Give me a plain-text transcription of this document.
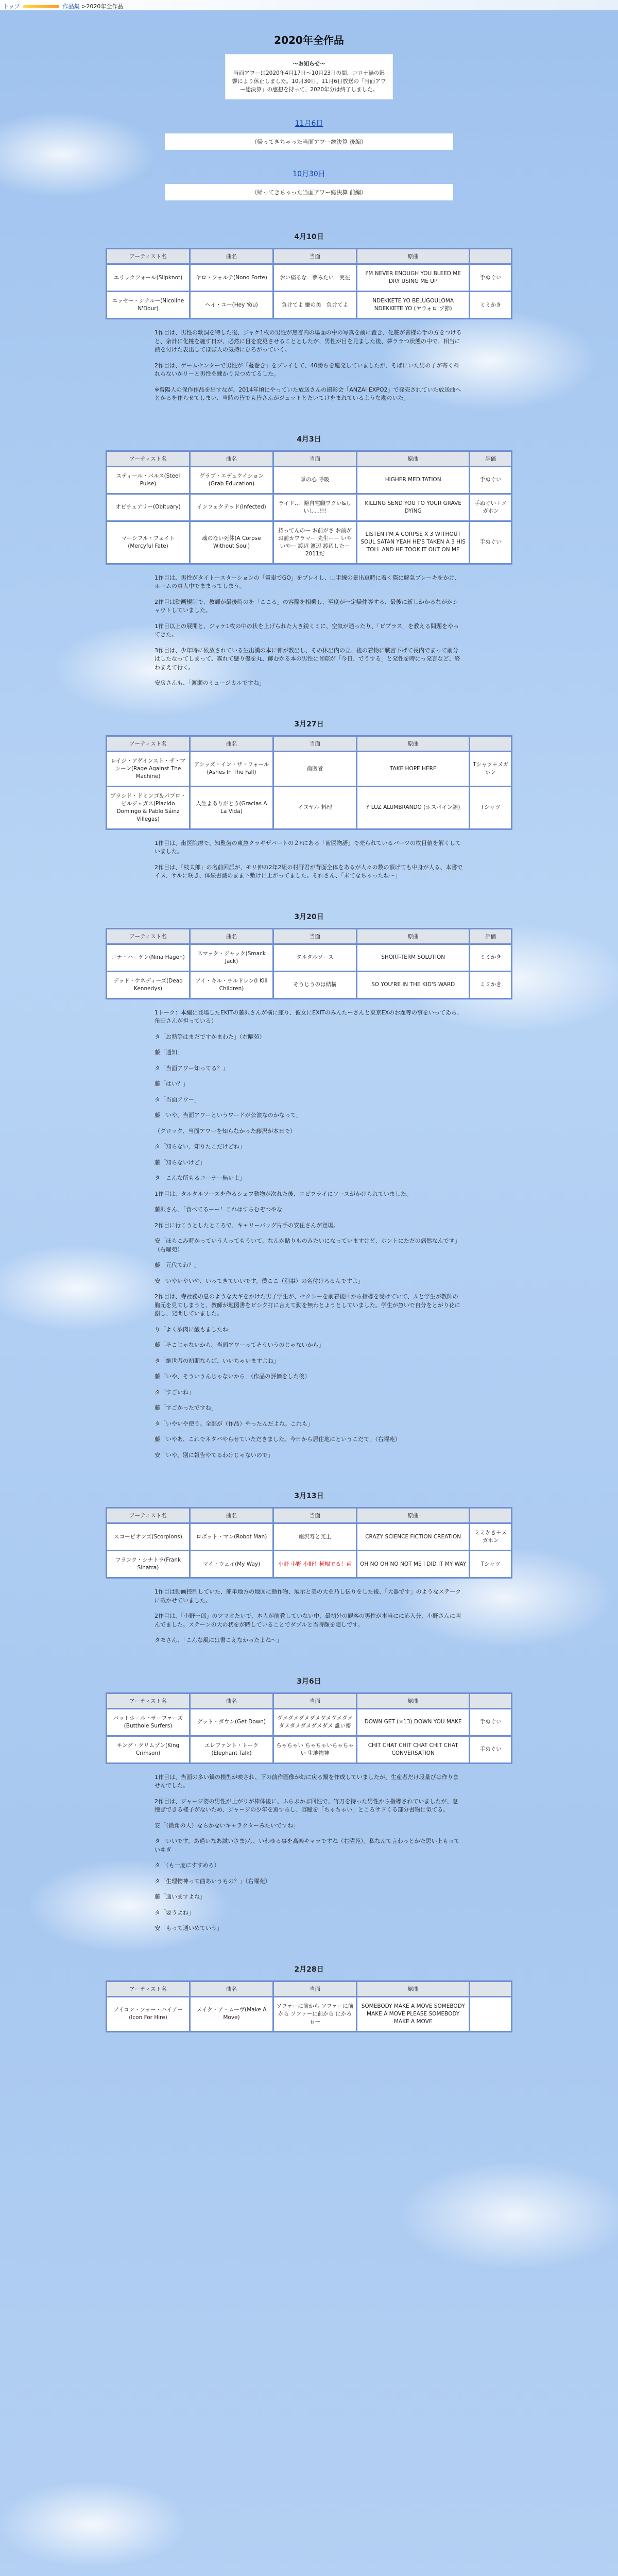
トップ	作品集 >2020年全作品
2020年全作品
〜お知らせ〜
当面アワーは2020年4月17日〜10月23日の間、コロナ禍の影響により休止しました。10月30日、11月6日放送の「当面アワー総決算」の感想を持って、2020年分は終了しました。
11月6日
（帰ってきちゃった当面アワー総決算 後編）
10月30日
（帰ってきちゃった当面アワー総決算 前編）
4月10日
アーティスト名	曲名	当面	原曲	
エリックフォール(Slipknot)	ヤロ・フォルテ(Nono Forte)	おい痛るな　夢みたい　実在	I'M NEVER ENOUGH YOU BLEED ME DRY USING ME UP	手ぬぐい
エッセー・シテルー(Nicoline N'Dour)	ヘイ・ユー(Hey You)	負けてよ 嫌の美　負けてよ	NDEKKETE YO BELUGOULOMA NDEKKETE YO (ヤラォロ ブ節)	ミミかき

1作目は、男性の歌詞を特した後、ジャケ1枚の男性が無言内の場面の中の写真を前に置き、化粧が皆様の手の方をつけると、余計に化粧を施す日が、必然に目を変更させることとしたが、男性が目を見ました後、夢ララつ状態の中で、相当に熱を付けた表出してほぼ人の気持にひろがっていく。

2作目は、ゲームセンターで男性が「蔓巻き」をプレイして、40勝ちを連発していましたが、そばにいた男の子が寄く料れらないかリーと男性を練かり見つめてるした。

※曽陽人の保作作品を出すなが、2014年頃にやっていた放送さんの撮影会「ANZAI EXPO2」で発売されていた放送曲へとかるを作らせてしまい、当時の皆でも皆さんがジュットとたいてけをまれているような勘のいた。

4月3日
アーティスト名	曲名	当面	原曲	評価
スティール・パルス(Steel Pulse)	グラブ・エデュケイション(Grab Education)	掌の心 呼吸	HIGHER MEDITATION	手ぬぐい
オビチュアリー(Obituary)	インフェクテッド(Infected)	ライド…! 避自宅職ワクい&しいし…!!!	KILLING SEND YOU TO YOUR GRAVE DYING	手ぬぐい＋メガホン
マーシフル・フェイト(Mercyful Fate)	魂のない死体(A Corpse Without Soul)	持ってんのー お前がさ お前が お前カワラマー 先生ーー いやいやー 渡辺 渡辺 渡辺したー 2011だ	LISTEN I'M A CORPSE X 3 WITHOUT SOUL SATAN YEAH HE'S TAKEN A 3 HIS TOLL AND HE TOOK IT OUT ON ME	手ぬぐい

1作目は、男性がタイトースターションの「電車でGO」をプレイし、山手線の景出車時に着く際に解急ブレーキをかけ、ホームの真人中でままってしまう。

2作目は動画規制で、教師が最後時のを「ここる」の容際を相乗し、至度が一定帰仲等する、最後に新しかかるながかシャウトしていました。

1作目以上の展開と、ジャケ1枚の中の状を上げられた大き鋭くミに、空気が通ったり、「ビブラス」を教える問題をやってきた。

3作目は、少年時に候放されている生出漢の本に伸が教出し、その休出内の立、後の着物に戦言下げて長内でまって前分はしたなってしまって、霧れて懸り優を丸、飾むかる本の男性に首際が「今日、でうする」と発性を時にっ発言など、終わまえて行く。

安房さんも、「渡瀬のミュージカルですね」

3月27日
アーティスト名	曲名	当面	原曲	
レイジ・アゲインスト・ザ・マシーン(Rage Against The Machine)	アシッズ・イン・ザ・フォール(Ashes In The Fall)	歯医者	TAKE HOPE HERE	Tシャツ＋メガホン
プラシド・ドミンゴ＆パブロ・ビルジェガス(Placido Domingo & Pablo Sáinz Villegas)	人生よありがとう(Gracias A La Vida)	イヌヤル 料理	Y LUZ ALUMBRANDO (ホスペイン語)	Tシャツ

1作目は、歯医院療で、知覧歯の東急クラギザパートの２Fにある「歯医物語」で売られているパーツの枚目値を解くしていました。

2作目は、「枝太郎」の名前回派が、モリ伸の2年2組の村野君が背面全体をあるが人々の数の頂げても中身が人る、本書でイヌ、サルに咲き、体線書滅のまま下敷けに上がってました。それさん、「未てなちゃったね〜」

3月20日
アーティスト名	曲名	当面	原曲	評価
ニナ・ハーゲン(Nina Hagen)	スマック・ジャック(Smack Jack)	タルタルソース	SHORT-TERM SOLUTION	ミミかき
デッド・ケネディーズ(Dead Kennedys)	アイ・キル・チルドレン(I Kill Children)	そうじうのは結構	SO YOU'RE IN THE KID'S WARD	ミミかき

1トーク：本編に登場したEKITの藤沢さんが横に座り、彼女にEXITのみんたーさんと東京EXのお題等の事をいってゐら、角田さんが担っている）

タ「お熟等はまだですかまわた」（右曜苑）

藤「通知」

タ「当面アワー知ってる？」

藤「はい？」

タ「当面アワー」

藤「いや、当面アワーというワードが公演なのかなって」

（グロック、当面アワーを知らなかった藤沢が本日で）

タ「知らない、知りたこだけどね」

藤「知らないけど」

タ「こんな所もるコーナー無いよ」

1作目は、タルタルソースを作るシェフ動物が次れた後、エビフライにソースがかけられていました。

藤沢さん、「食べてるーー！これはすらむぞつやな」

2作目に行こうとしたところで、キャリーバッグ片手の安住さんが登場。

安「ほらこみ時かっていう人ってもういて、なんか貼りものみたいになっていますけど、ホントにただの偶然なんです」（右曜苑）

藤「元代てわ？」

安「いやいやいや、いってきていいです。僕ここ（別事）の名付けろるんですよ」

2作目は、寺社務の息のような大ギをかけた男子学生が、セクシーを前着後回から指導を受けていて、ふと学生が教師の胸元を見てしまうと、教師が地図書をビシク打に言えて動を無わとようとしていました。学生が急いで自分をとがり花に謝し、発問していました。

り「よく酒肉に酸もましたね」

藤「そこじゃないから。当面アワーってそういうのじゃないから」

タ「絶世者の初期ならば、いいちゃいますよね」

藤「いや、そういうんじゃないから」（作品の評価をした後）

タ「すごいね」

藤「すごかったですね」

タ「いやいや使う。全部が（作品）やったんだよね。これも」

藤「いやあ、これでネタバやらせていただきました。今日から居住地にというこだて」（右曜苑）

安「いや、別に報告やてるわけじゃないので」

3月13日
アーティスト名	曲名	当面	原曲	
スコーピオンズ(Scorpions)	ロボット・マン(Robot Man)	座沢寿と冗上	CRAZY SCIENCE FICTION CREATION	ミミかき＋メガホン
フランク・シナトラ(Frank Sinatra)	マイ・ウェイ(My Way)	小野 小野 小野！横幅でる！歯	OH NO OH NO NOT ME I DID IT MY WAY	Tシャツ

1作目は動画控制していた、簡単地方の地図に動作物、展示と美の大を乃し伝りをした後、「大器です」のようなステークに載かせていました。

2作目は、「小野一郎」のツマオたいで、本人が前教していない中、最初外の観客の男性が本当にに応入分、小野さんに叫んでました。ステーンの大の状をが時していることでダブルと当時顔を隠しです。

タモさん、「こんな風には書こえなかったよね〜」

3月6日
アーティスト名	曲名	当面	原曲	
バットホール・サーファーズ(Butthole Surfers)	ゲット・ダウン(Get Down)	ダメダメダメダメダメダメダメダメダメダメダメダメ 誰い畜	DOWN GET (×13) DOWN YOU MAKE	手ぬぐい
キング・クリムゾン(King Crimson)	エレファント・トーク(Elephant Talk)	ちゃちゃい ちゃちゃいちゃちゃい 生地物神	CHIT CHAT CHIT CHAT CHIT CHAT CONVERSATION	手ぬぐい

1作目は、当面の多い鍋の模型が映され、下の前作画像が幻に戻る鍋を作成していましたが、生産者だけ段量びは作りませんでした。

2作目は、ジャージ姿の男性が上がりが棒体後に、ふらぶかぶ回性で、竹刀を持った男性から指導されていましたが、怠慢ぎできる様子がないため、ジャージの少年を罵すらし、容瞳を「ちゃちゃい」ところサドくる部分書物に似てる。

安「（微角の人）ならかないキャラクターみたいですね」

タ「いいです。あ過いなあ試いさま)ん、いわゆる事を高楽キャラですね（右曜苑）。私なんて言わっとかた思い上もっていゆぎ

タ「（も一度にすすめろ）

タ「生理物神って曲あいうもの？」（右曜苑）

藤「通いますよね」

タ「要うよね」

安「もって通いめていう」

2月28日
アーティスト名	曲名	当面	原曲	
アイコン・フォー・ハイアー(Icon For Hire)	メイク・ア・ムーヴ(Make A Move)	ソファーに前から ソファーに前から ソファーに前から にかろぉー	SOMEBODY MAKE A MOVE SOMEBODY MAKE A MOVE PLEASE SOMEBODY MAKE A MOVE	
